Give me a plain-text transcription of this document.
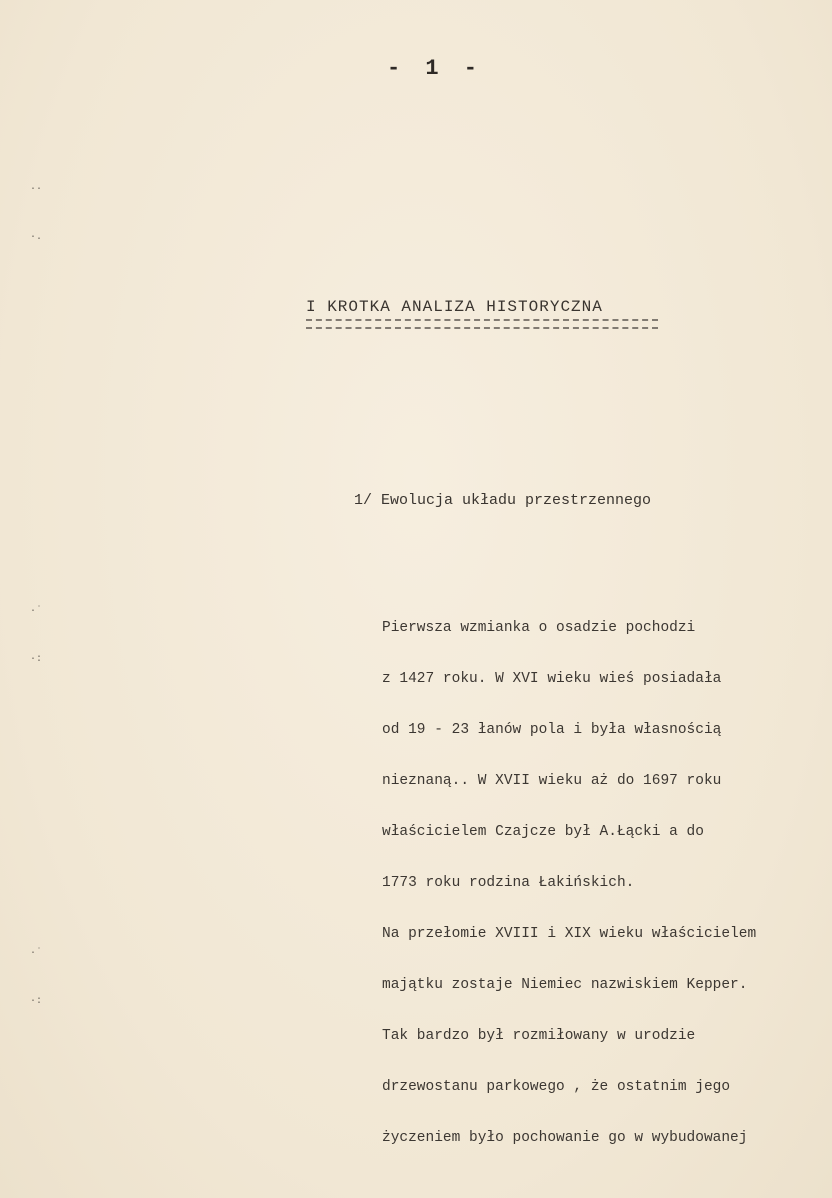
- 1 -
··
·.
·˙
·:
·˙
·:
I KROTKA ANALIZA HISTORYCZNA
1/ Ewolucja układu przestrzennego
Pierwsza wzmianka o osadzie pochodzi
z 1427 roku. W XVI wieku wieś posiadała
od 19 - 23 łanów pola i była własnością
nieznaną.. W XVII wieku aż do 1697 roku
właścicielem Czajcze był A.Łącki a do
1773 roku rodzina Łakińskich.
Na przełomie XVIII i XIX wieku właścicielem
majątku zostaje Niemiec nazwiskiem Kepper.
Tak bardzo był rozmiłowany w urodzie
drzewostanu parkowego , że ostatnim jego
życzeniem było pochowanie go w wybudowanej
